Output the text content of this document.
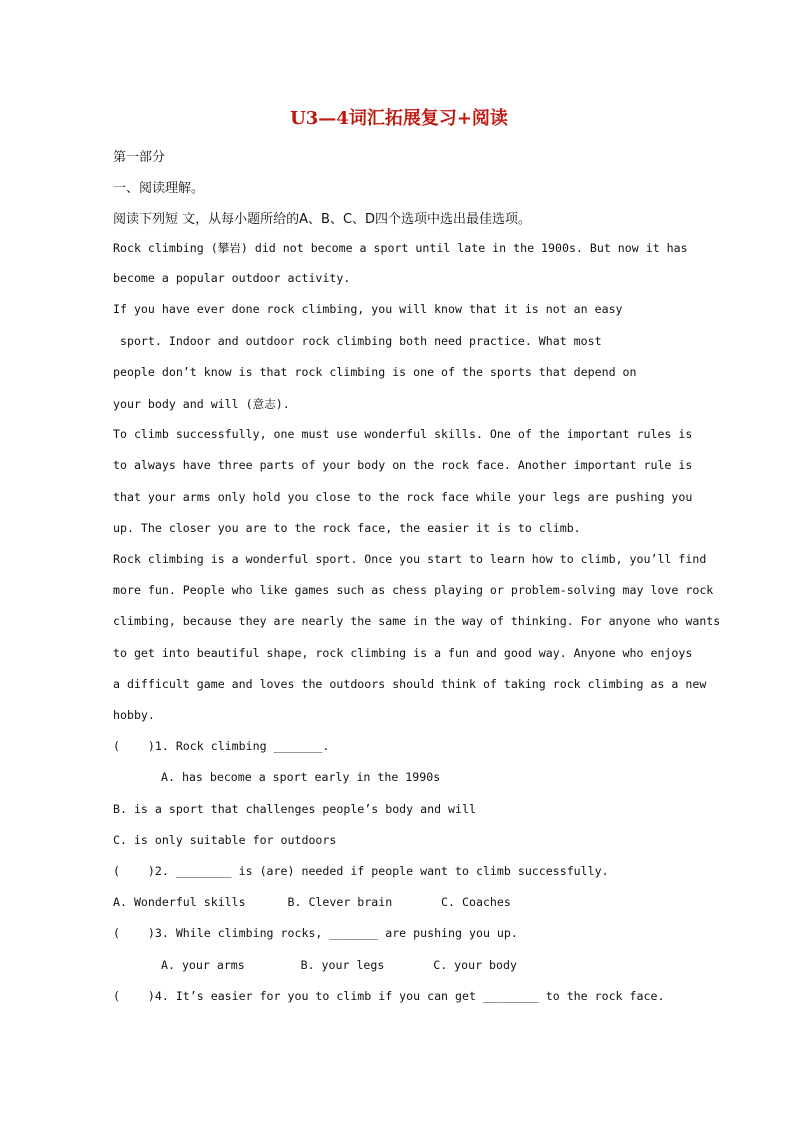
U3—4词汇拓展复习+阅读
第一部分
一、阅读理解。
阅读下列短 文，从每小题所给的A、B、C、D四个选项中选出最佳选项。
Rock climbing (攀岩) did not become a sport until late in the 1900s. But now it has
become a popular outdoor activity.
If you have ever done rock climbing, you will know that it is not an easy
sport. Indoor and outdoor rock climbing both need practice. What most
people don’t know is that rock climbing is one of the sports that depend on
your body and will (意志).
To climb successfully, one must use wonderful skills. One of the important rules is
to always have three parts of your body on the rock face. Another important rule is
that your arms only hold you close to the rock face while your legs are pushing you
up. The closer you are to the rock face, the easier it is to climb.
Rock climbing is a wonderful sport. Once you start to learn how to climb, you’ll find
more fun. People who like games such as chess playing or problem-solving may love rock
climbing, because they are nearly the same in the way of thinking. For anyone who wants
to get into beautiful shape, rock climbing is a fun and good way. Anyone who enjoys
a difficult game and loves the outdoors should think of taking rock climbing as a new
hobby.
(    )1. Rock climbing _______.
A. has become a sport early in the 1990s
B. is a sport that challenges people’s body and will
C. is only suitable for outdoors
(    )2. ________ is (are) needed if people want to climb successfully.
A. Wonderful skills      B. Clever brain       C. Coaches
(    )3. While climbing rocks, _______ are pushing you up.
A. your arms        B. your legs       C. your body
(    )4. It’s easier for you to climb if you can get ________ to the rock face.
